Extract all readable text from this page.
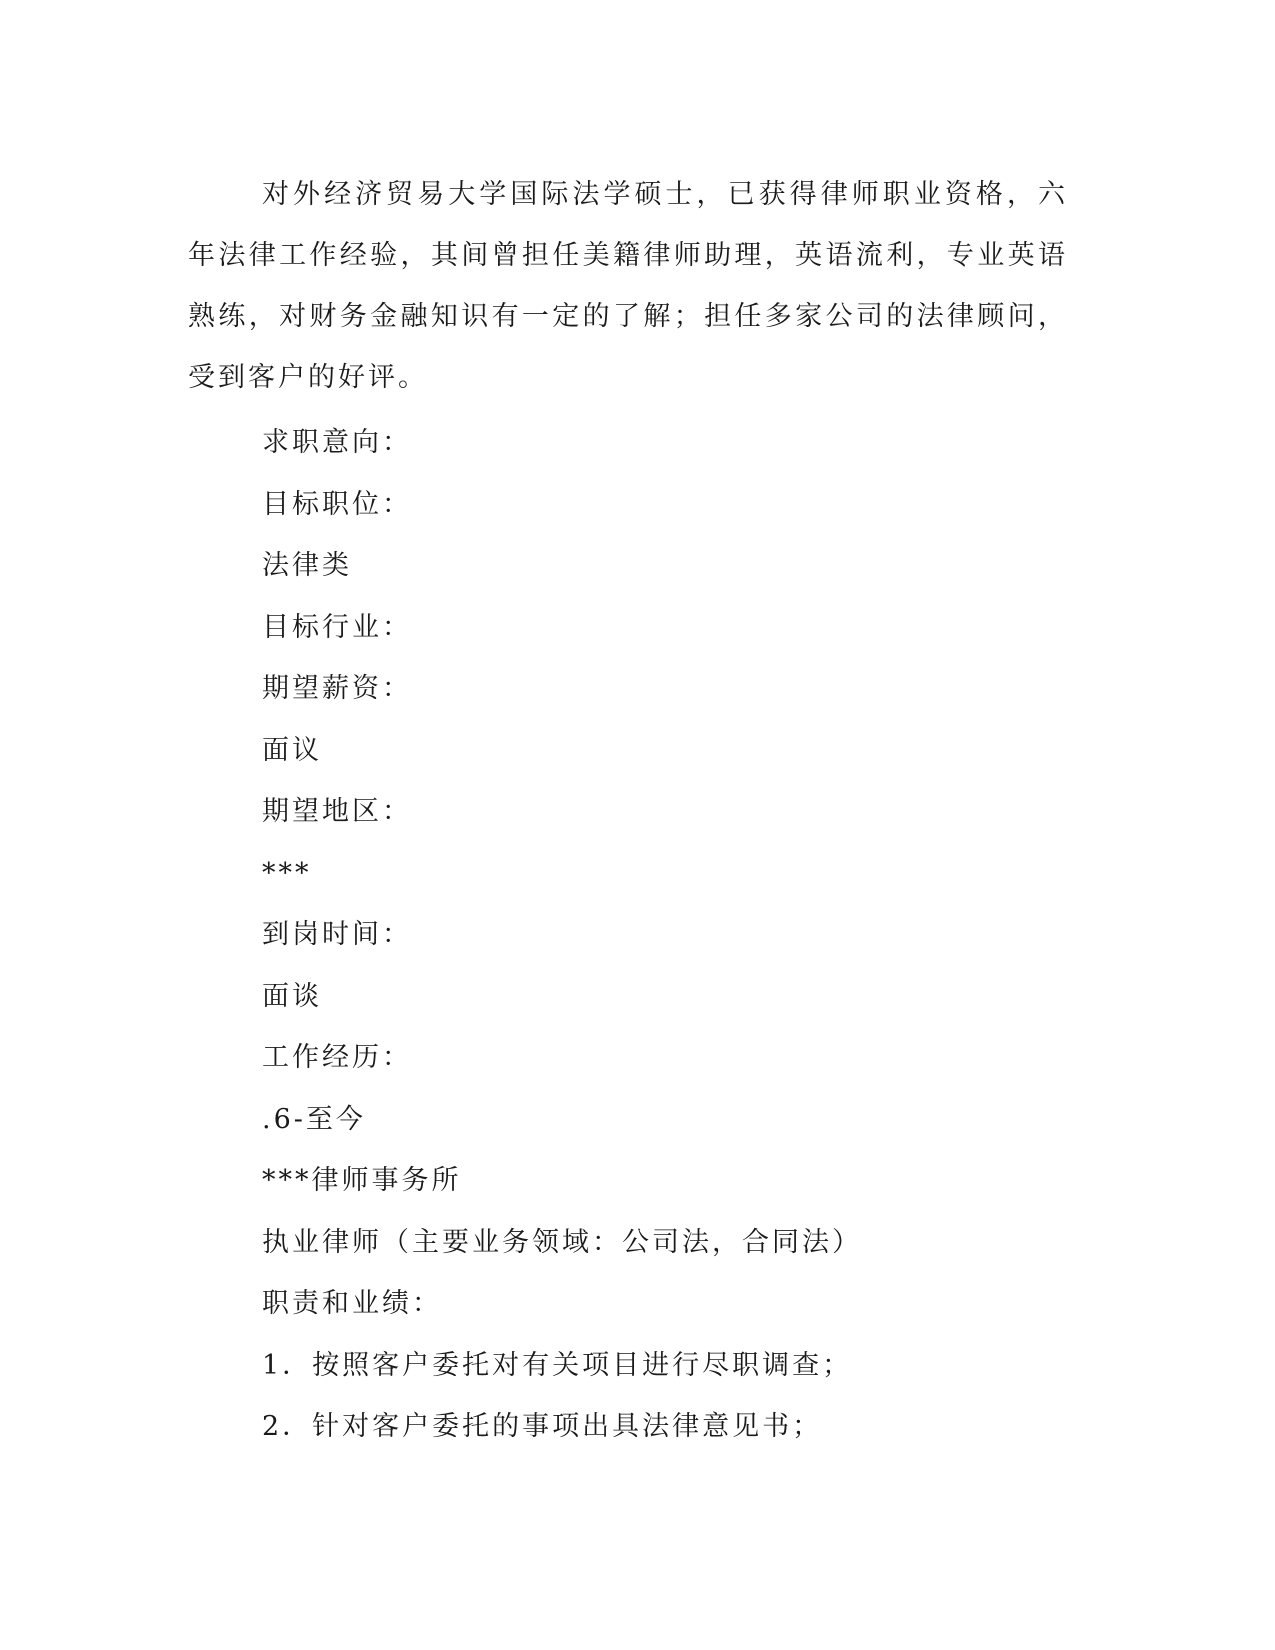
对外经济贸易大学国际法学硕士，已获得律师职业资格，六年法律工作经验，其间曾担任美籍律师助理，英语流利，专业英语熟练，对财务金融知识有一定的了解；担任多家公司的法律顾问，受到客户的好评。

求职意向：
目标职位：
法律类
目标行业：
期望薪资：
面议
期望地区：
***
到岗时间：
面谈
工作经历：
.6-至今
***律师事务所
执业律师（主要业务领域：公司法，合同法）
职责和业绩：
1．按照客户委托对有关项目进行尽职调查；
2．针对客户委托的事项出具法律意见书；
